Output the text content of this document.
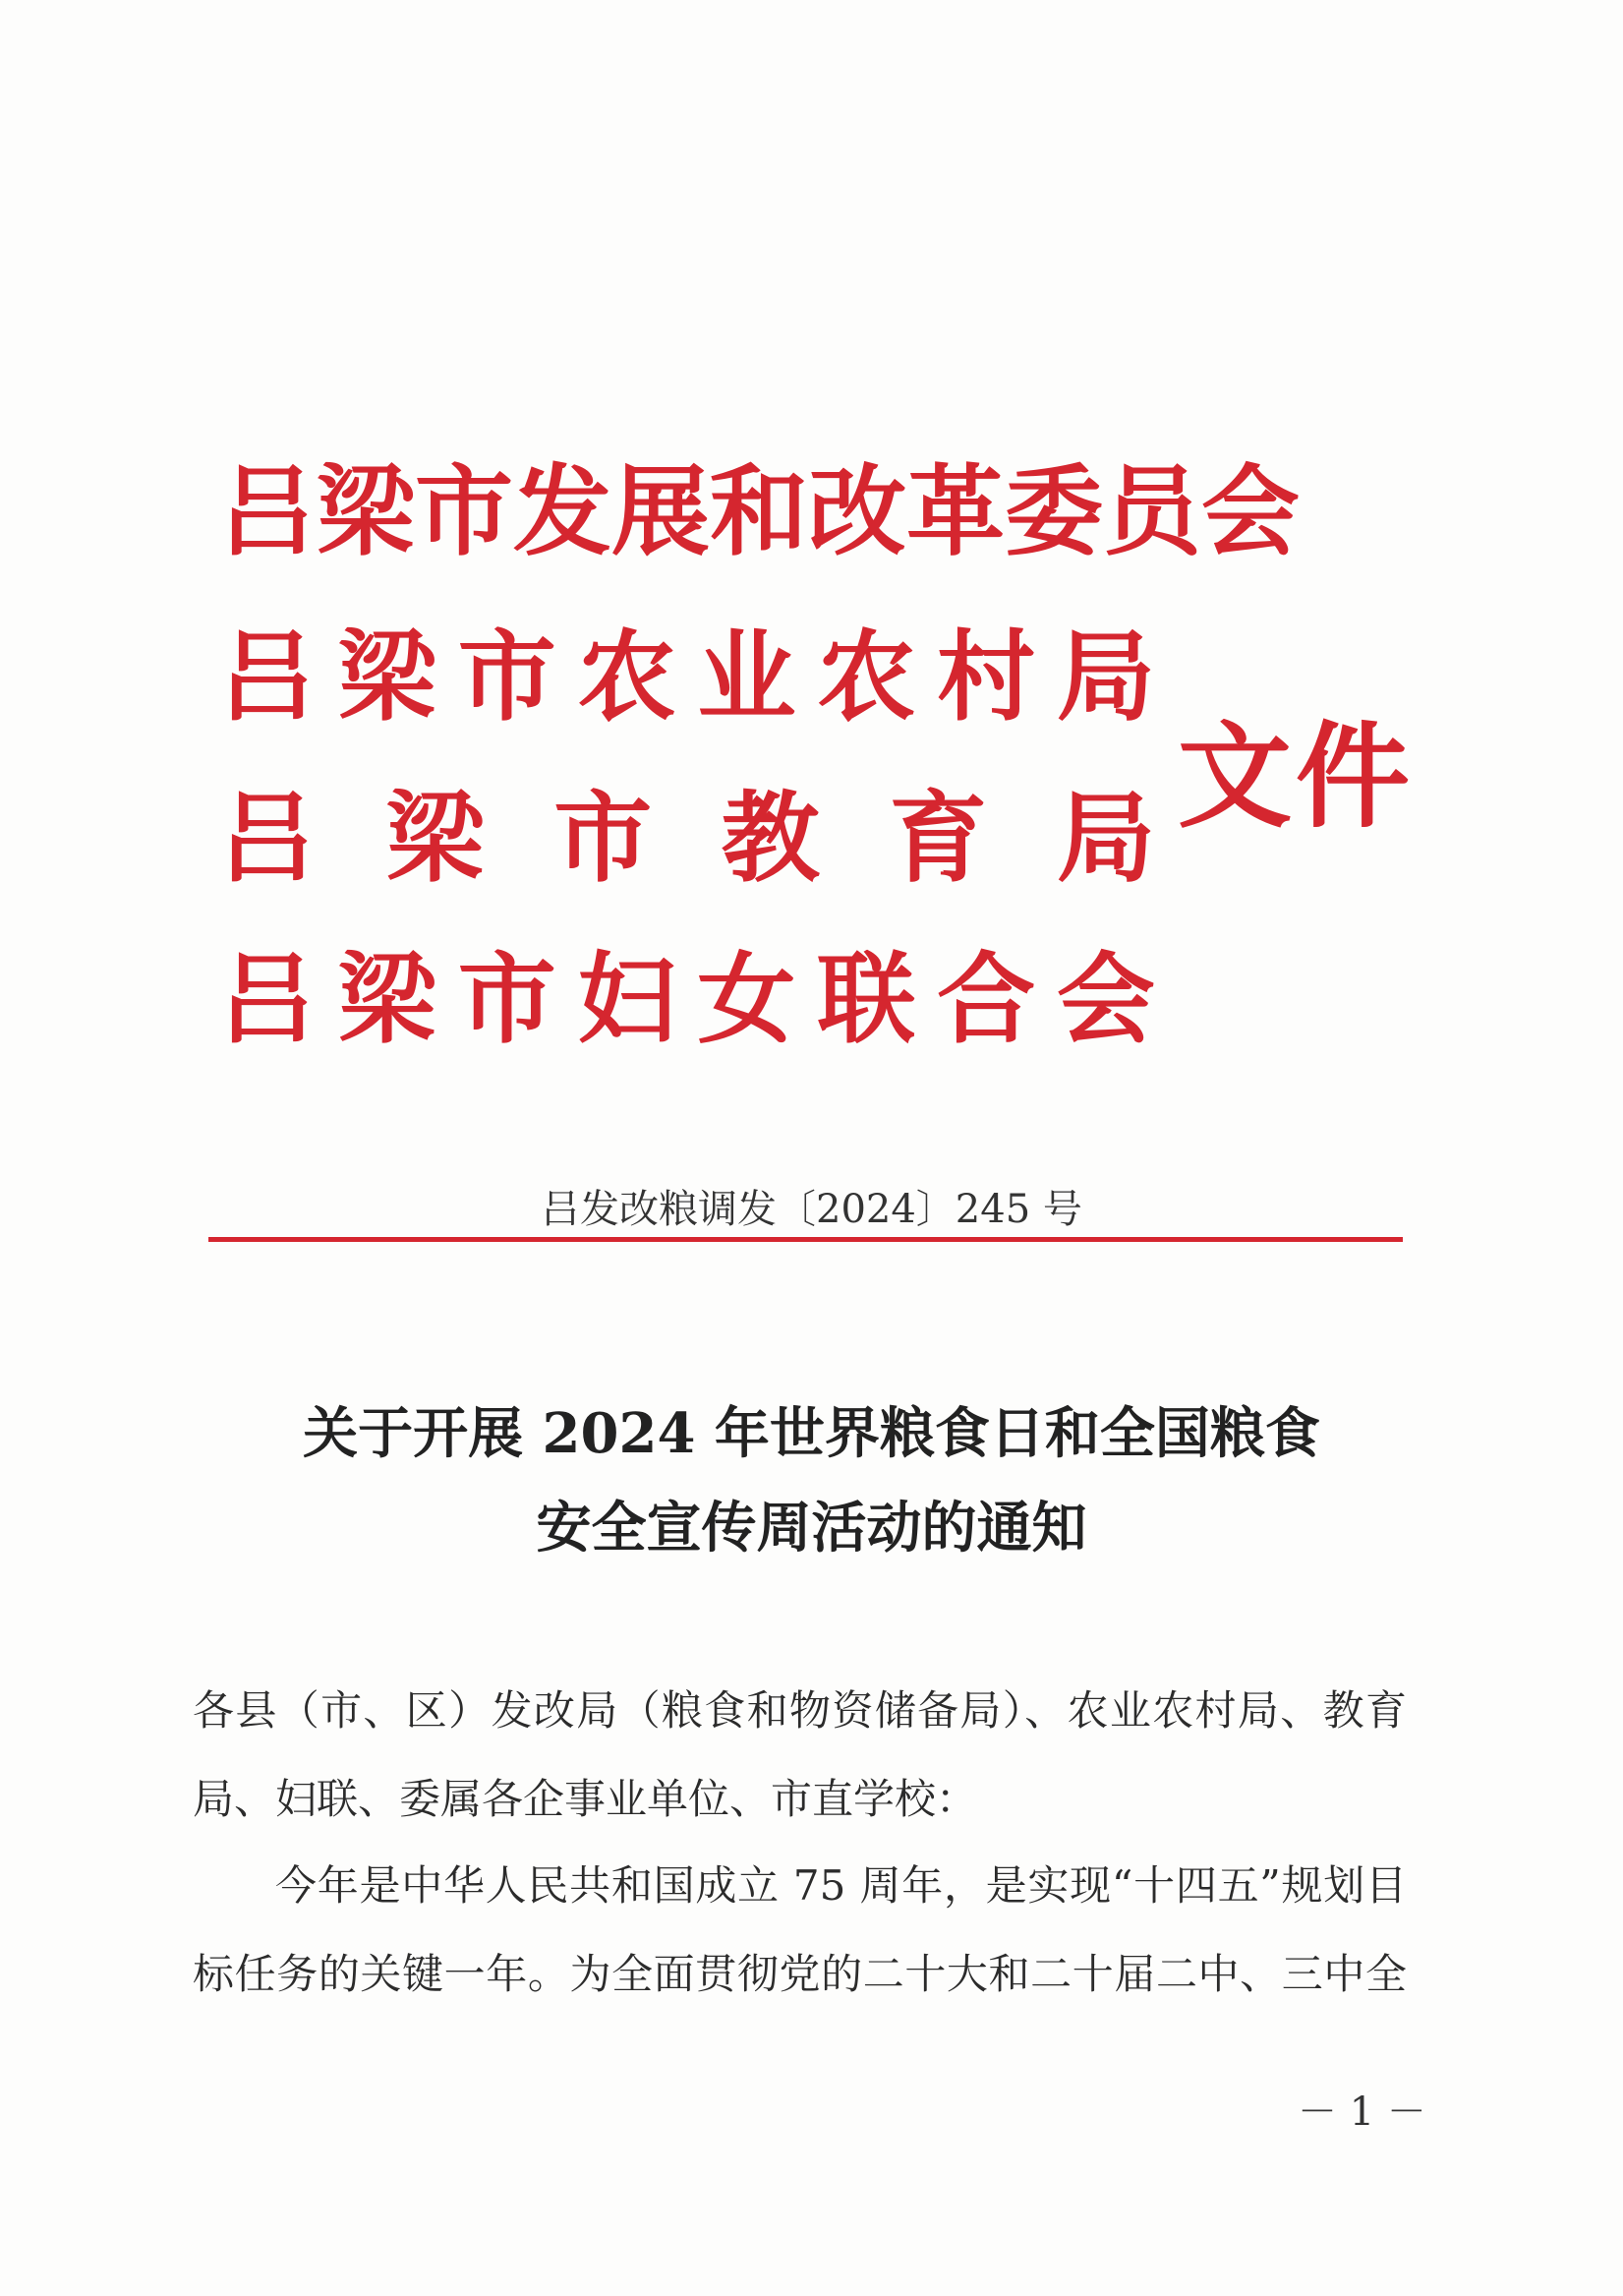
吕 梁 市 发 展 和 改 革 委 员 会
吕 梁 市 农 业 农 村 局
吕 梁 市 教 育 局
吕 梁 市 妇 女 联 合 会
文件
吕发改粮调发〔2024〕245 号
关于开展 2024 年世界粮食日和全国粮食
安全宣传周活动的通知
各县（市、区）发改局（粮食和物资储备局）、农业农村局、教育
局、妇联、委属各企事业单位、市直学校：
今年是中华人民共和国成立 75 周年，是实现“十四五”规划目
标任务的关键一年。为全面贯彻党的二十大和二十届二中、三中全
－ 1 －
